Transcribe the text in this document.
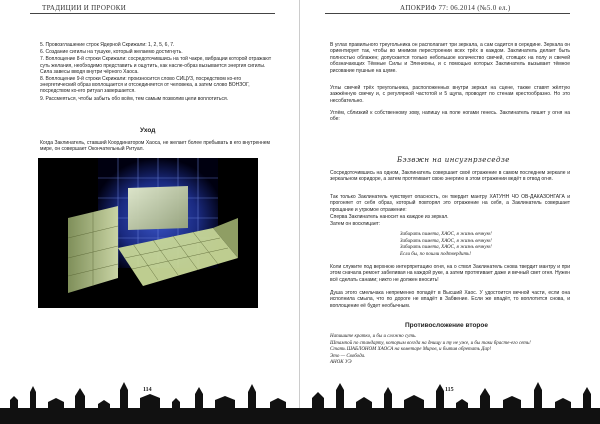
ТРАДИЦИИ И ПРОРОКИ
5. Провозглашение строк Ядерной Скрижали: 1, 2, 5, 6, 7.
6. Создание сигилы на тушуке, который желаемо достигнуть.
7. Воплощение 8-й строки Скрижали: сосредоточившись на той чакре, вибрации которой отражают суть желания, необходимо представить и ощутить, как насле-образ вызывается энергия сигилы. Сила завесы вводя внутри чёрного Хаоса.
8. Воплощение 9-й строки Скрижали: произносится слово СИЦУЗ, посредством ко-его энергетический образ воплощается и отсоединяется от человека, а затем слово ВОНЗОГ, посредством ко-его ритуал завершается.
9. Рассмеяться, чтобы забыть обо всём, тем самым позволив цели воплотиться.
Уход

Когда Заклинатель, ставший Координатором Хаоса, не желает более пребывать в его внутреннем мире, он совершает Окончательный Ритуал.

114
АПОКРИФ 77: 06.2014 (№5.0 ел.)

В углах правильного треугольника он располагает три зеркала, а сам садится в середине. Зеркала он ориентирует так, чтобы во мнимом перестроении всех трёх в каждом. Заклинатель делает быть полностью облажен; допускается только небольшое количество свечей, стоящих на полу и свечей обозначающих Тёмные Силы и Эленионы, и с помощью которых Заклинатель вызывает тёмное рисование пушные на шуме.

Углы свечей трёх треугольника, расположенных внутри зеркал на сцене, также ставят жёлтую зажжённую свечку и, с регулярной частотой и 5 щупа, проводят по стенам крестообразно. Но это несобательно.

Углём, сблизкий к собственному зову, напишу на поле ногами генесь. Заклинатель пишет у огня на обе:

Бэзвжн на инсугнрзеседзе

Сосредоточившись на одном, Заклинатель совершает своё отражение в самом последнем зеркале и зеркальном коридоре, а затем протягивает свою энергию в этом отражении ведёт в отвод огня.

Так только Заклинатель чувствует опасность, он твердит мантру ХАТУНН ЧО ОВ-ДАКАЗОНГАГА и прогоняет от себя образ, который повторял это отражение на себя, а Заклинатель совершает прощание и угрюмое отражение:

Сперва Заклинатель наносит на каждое из зеркал.

Затем он восклицает:

Забирать пимета, ХАОС, я жизнь вечную!
Забирать пимета, ХАОС, я жизнь вечную!
Забирать пимета, ХАОС, я жизнь вечную!
Если бы, по пошли подтвердить!

Коли служите под верхнюю интерпретацию огня, на о ствол Заклинатель снова твердит мантру и при этом сначала ремонт забеливая на каждой руке, а затем протягивает даже и вечный свет огня. Нужен всё сделать санами; никто не должен вносить!

Душа этого смельчака непременно попадёт в Высший Хаос. У удостоится вечной части, если она исполнила смыла, что по дороге не впадёт в Забвение. Если же впадёт, то воплотится снова, и воплощение её будет необычным.

Противосложение второе
Напишите кратко, и бы и сложно суть.
Штампой по стандарту, которым всегда на днищу и ту не уже, и бы таки брасте-его сеть!
Стать ШАБЛОНОМ ХАОСА на кометаре Миров, и бытия обретать Дар!
Это — Свобода.
АНОК УЭ
115
